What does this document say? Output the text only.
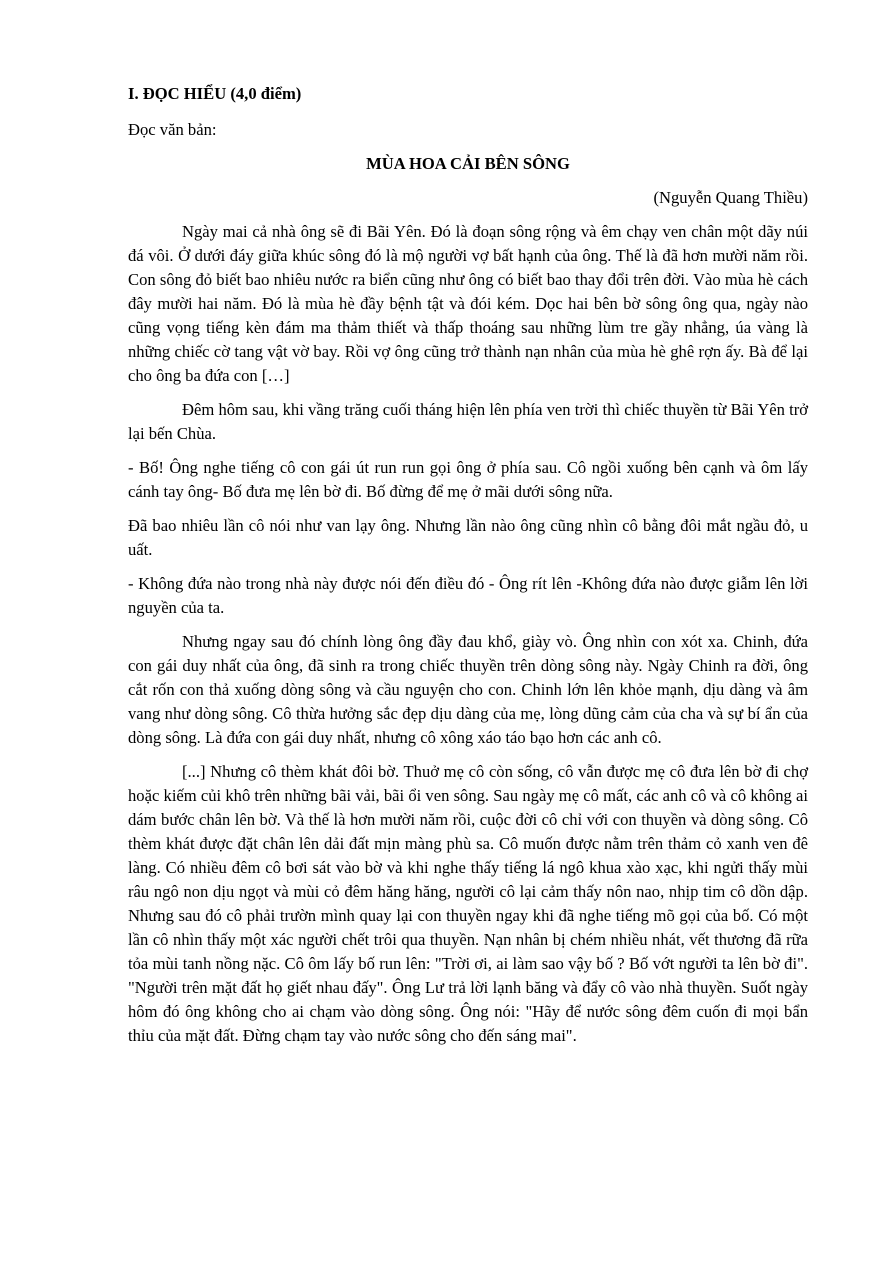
I. ĐỌC HIỂU (4,0 điểm)

Đọc văn bản:

MÙA HOA CẢI BÊN SÔNG

(Nguyễn Quang Thiều)

Ngày mai cả nhà ông sẽ đi Bãi Yên. Đó là đoạn sông rộng và êm chạy ven chân một dãy núi đá vôi. Ở dưới đáy giữa khúc sông đó là mộ người vợ bất hạnh của ông. Thế là đã hơn mười năm rồi. Con sông đỏ biết bao nhiêu nước ra biển cũng như ông có biết bao thay đổi trên đời. Vào mùa hè cách đây mười hai năm. Đó là mùa hè đầy bệnh tật và đói kém. Dọc hai bên bờ sông ông qua, ngày nào cũng vọng tiếng kèn đám ma thảm thiết và thấp thoáng sau những lùm tre gầy nhẳng, úa vàng là những chiếc cờ tang vật vờ bay. Rồi vợ ông cũng trở thành nạn nhân của mùa hè ghê rợn ấy. Bà để lại cho ông ba đứa con […]

Đêm hôm sau, khi vầng trăng cuối tháng hiện lên phía ven trời thì chiếc thuyền từ Bãi Yên trở lại bến Chùa.

- Bố! Ông nghe tiếng cô con gái út run run gọi ông ở phía sau. Cô ngồi xuống bên cạnh và ôm lấy cánh tay ông- Bố đưa mẹ lên bờ đi. Bố đừng để mẹ ở mãi dưới sông nữa.

Đã bao nhiêu lần cô nói như van lạy ông. Nhưng lần nào ông cũng nhìn cô bằng đôi mắt ngầu đỏ, u uất.

- Không đứa nào trong nhà này được nói đến điều đó - Ông rít lên -Không đứa nào được giẫm lên lời nguyền của ta.

Nhưng ngay sau đó chính lòng ông đầy đau khổ, giày vò. Ông nhìn con xót xa. Chinh, đứa con gái duy nhất của ông, đã sinh ra trong chiếc thuyền trên dòng sông này. Ngày Chinh ra đời, ông cắt rốn con thả xuống dòng sông và cầu nguyện cho con. Chinh lớn lên khỏe mạnh, dịu dàng và âm vang như dòng sông. Cô thừa hưởng sắc đẹp dịu dàng của mẹ, lòng dũng cảm của cha và sự bí ẩn của dòng sông. Là đứa con gái duy nhất, nhưng cô xông xáo táo bạo hơn các anh cô.

[...] Nhưng cô thèm khát đôi bờ. Thuở mẹ cô còn sống, cô vẫn được mẹ cô đưa lên bờ đi chợ hoặc kiếm củi khô trên những bãi vải, bãi ổi ven sông. Sau ngày mẹ cô mất, các anh cô và cô không ai dám bước chân lên bờ. Và thế là hơn mười năm rồi, cuộc đời cô chỉ với con thuyền và dòng sông. Cô thèm khát được đặt chân lên dải đất mịn màng phù sa. Cô muốn được nằm trên thảm cỏ xanh ven đê làng. Có nhiều đêm cô bơi sát vào bờ và khi nghe thấy tiếng lá ngô khua xào xạc, khi ngửi thấy mùi râu ngô non dịu ngọt và mùi cỏ đêm hăng hăng, người cô lại cảm thấy nôn nao, nhịp tim cô dồn dập. Nhưng sau đó cô phải trườn mình quay lại con thuyền ngay khi đã nghe tiếng mõ gọi của bố. Có một lần cô nhìn thấy một xác người chết trôi qua thuyền. Nạn nhân bị chém nhiều nhát, vết thương đã rữa tỏa mùi tanh nồng nặc. Cô ôm lấy bố run lên: "Trời ơi, ai làm sao vậy bố ? Bố vớt người ta lên bờ đi". "Người trên mặt đất họ giết nhau đấy". Ông Lư trả lời lạnh băng và đẩy cô vào nhà thuyền. Suốt ngày hôm đó ông không cho ai chạm vào dòng sông. Ông nói: "Hãy để nước sông đêm cuốn đi mọi bẩn thỉu của mặt đất. Đừng chạm tay vào nước sông cho đến sáng mai".
